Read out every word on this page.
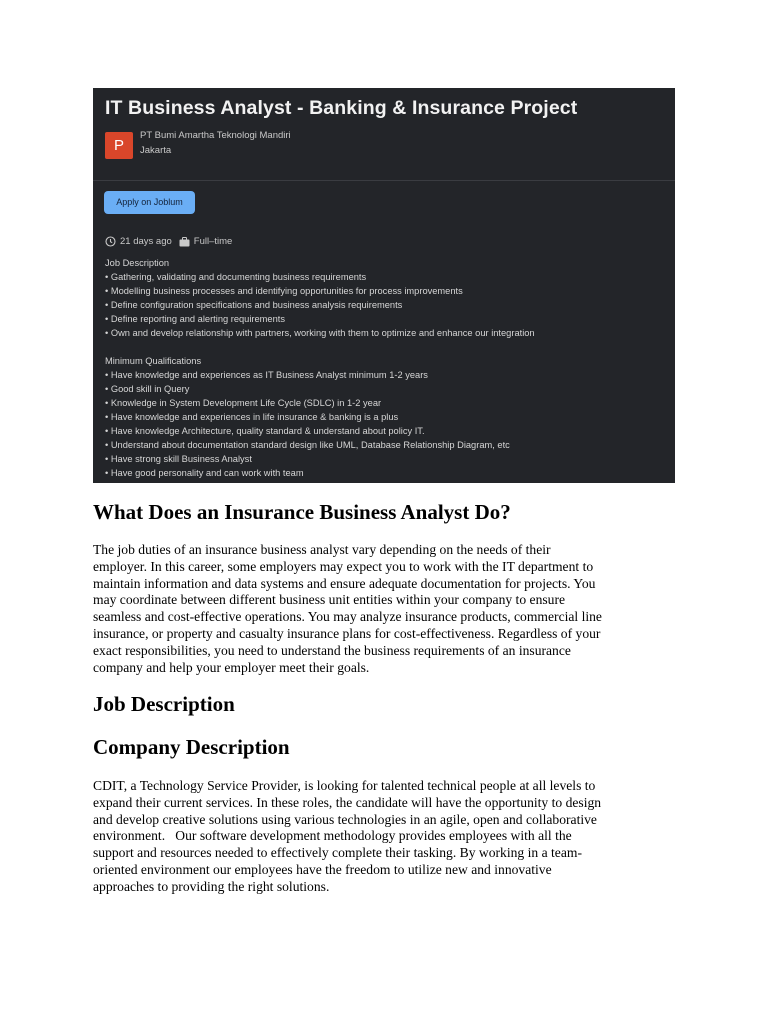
IT Business Analyst - Banking & Insurance Project
P
PT Bumi Amartha Teknologi Mandiri
Jakarta
Apply on Joblum
21 days ago Full–time
Job Description
• Gathering, validating and documenting business requirements
• Modelling business processes and identifying opportunities for process improvements
• Define configuration specifications and business analysis requirements
• Define reporting and alerting requirements
• Own and develop relationship with partners, working with them to optimize and enhance our integration
Minimum Qualifications
• Have knowledge and experiences as IT Business Analyst minimum 1-2 years
• Good skill in Query
• Knowledge in System Development Life Cycle (SDLC) in 1-2 year
• Have knowledge and experiences in life insurance & banking is a plus
• Have knowledge Architecture, quality standard & understand about policy IT.
• Understand about documentation standard design like UML, Database Relationship Diagram, etc
• Have strong skill Business Analyst
• Have good personality and can work with team
What Does an Insurance Business Analyst Do?
The job duties of an insurance business analyst vary depending on the needs of their
employer. In this career, some employers may expect you to work with the IT department to
maintain information and data systems and ensure adequate documentation for projects. You
may coordinate between different business unit entities within your company to ensure
seamless and cost-effective operations. You may analyze insurance products, commercial line
insurance, or property and casualty insurance plans for cost-effectiveness. Regardless of your
exact responsibilities, you need to understand the business requirements of an insurance
company and help your employer meet their goals.
Job Description
Company Description
CDIT, a Technology Service Provider, is looking for talented technical people at all levels to
expand their current services. In these roles, the candidate will have the opportunity to design
and develop creative solutions using various technologies in an agile, open and collaborative
environment.   Our software development methodology provides employees with all the
support and resources needed to effectively complete their tasking. By working in a team-
oriented environment our employees have the freedom to utilize new and innovative
approaches to providing the right solutions.
